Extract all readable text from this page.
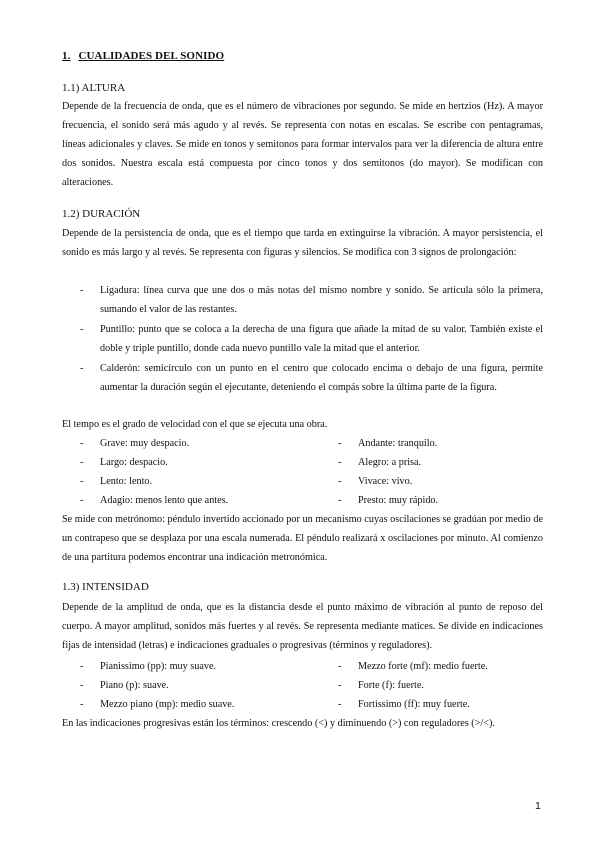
1. CUALIDADES DEL SONIDO
1.1) ALTURA

Depende de la frecuencia de onda, que es el número de vibraciones por segundo. Se mide en hertzios (Hz). A mayor frecuencia, el sonido será más agudo y al revés. Se representa con notas en escalas. Se escribe con pentagramas, líneas adicionales y claves. Se mide en tonos y semitonos para formar intervalos para ver la diferencia de altura entre dos sonidos. Nuestra escala está compuesta por cinco tonos y dos semitonos (do mayor). Se modifican con alteraciones.

1.2) DURACIÓN

Depende de la persistencia de onda, que es el tiempo que tarda en extinguirse la vibración. A mayor persistencia, el sonido es más largo y al revés. Se representa con figuras y silencios. Se modifica con 3 signos de prolongación:

- Ligadura: línea curva que une dos o más notas del mismo nombre y sonido. Se articula sólo la primera, sumando el valor de las restantes.
- Puntillo: punto que se coloca a la derecha de una figura que añade la mitad de su valor. También existe el doble y triple puntillo, donde cada nuevo puntillo vale la mitad que el anterior.
- Calderón: semicírculo con un punto en el centro que colocado encima o debajo de una figura, permite aumentar la duración según el ejecutante, deteniendo el compás sobre la última parte de la figura.

El tempo es el grado de velocidad con el que se ejecuta una obra.

- Grave: muy despacio.	- Andante: tranquilo.
- Largo: despacio.	- Alegro: a prisa.
- Lento: lento.	- Vivace: vivo.
- Adagio: menos lento que antes.	- Presto: muy rápido.

Se mide con metrónomo: péndulo invertido accionado por un mecanismo cuyas oscilaciones se gradúan por medio de un contrapeso que se desplaza por una escala numerada. El péndulo realizará x oscilaciones por minuto. Al comienzo de una partitura podemos encontrar una indicación metronómica.

1.3) INTENSIDAD

Depende de la amplitud de onda, que es la distancia desde el punto máximo de vibración al punto de reposo del cuerpo. A mayor amplitud, sonidos más fuertes y al revés. Se representa mediante matices. Se divide en indicaciones fijas de intensidad (letras) e indicaciones graduales o progresivas (términos y reguladores).

- Pianissimo (pp): muy suave.	- Mezzo forte (mf): medio fuerte.
- Piano (p): suave.	- Forte (f): fuerte.
- Mezzo piano (mp): medio suave.	- Fortissimo (ff): muy fuerte.

En las indicaciones progresivas están los términos: crescendo (<) y diminuendo (>) con reguladores (>/<).

1
